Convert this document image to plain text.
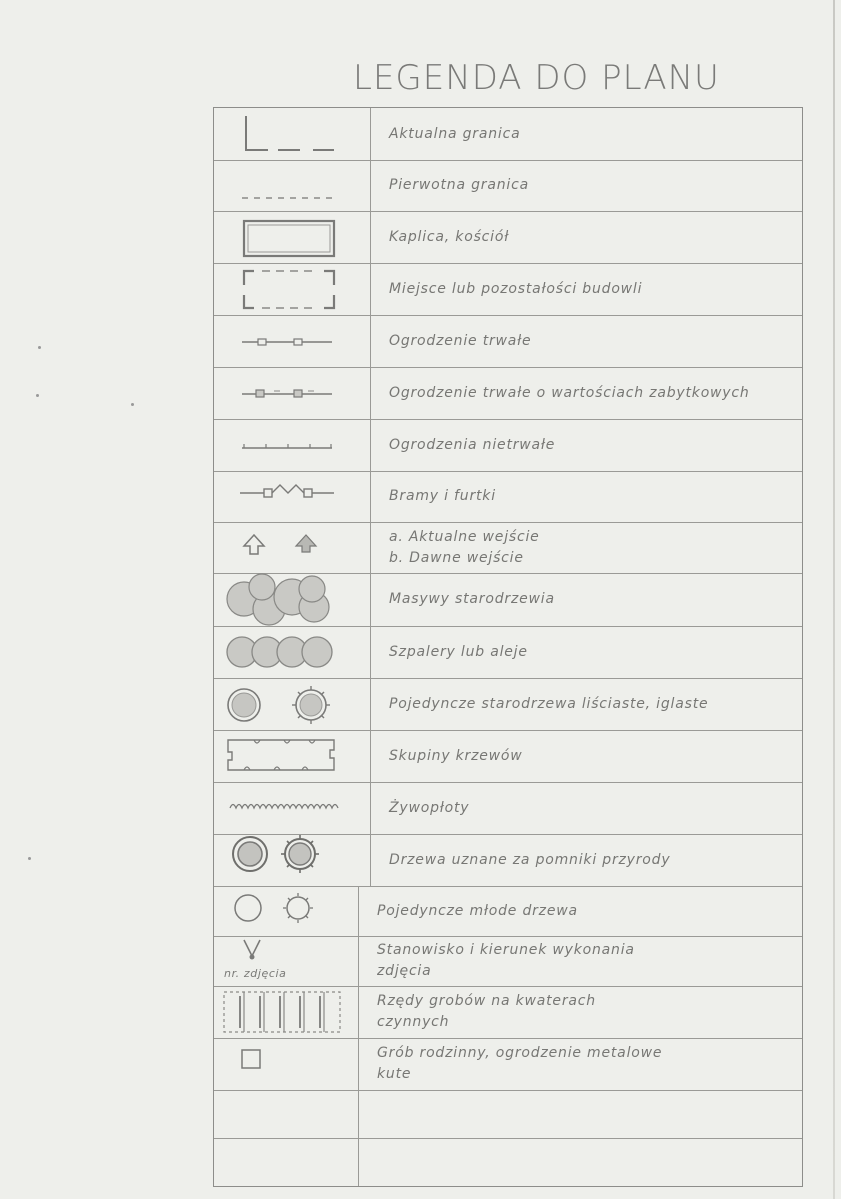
LEGENDA DO PLANU
Aktualna granica
Pierwotna granica
Kaplica, kościół
Miejsce lub pozostałości budowli
Ogrodzenie trwałe
Ogrodzenie trwałe o wartościach zabytkowych
Ogrodzenia nietrwałe
Bramy i furtki
a. Aktualne wejście
b. Dawne wejście
Masywy starodrzewia
Szpalery lub aleje
Pojedyncze starodrzewa liściaste, iglaste
Skupiny krzewów
Żywopłoty
Drzewa uznane za pomniki przyrody
Pojedyncze młode drzewa
nr. zdjęcia
Stanowisko i kierunek wykonania
zdjęcia
Rzędy grobów na kwaterach
czynnych
Grób rodzinny, ogrodzenie metalowe
kute
